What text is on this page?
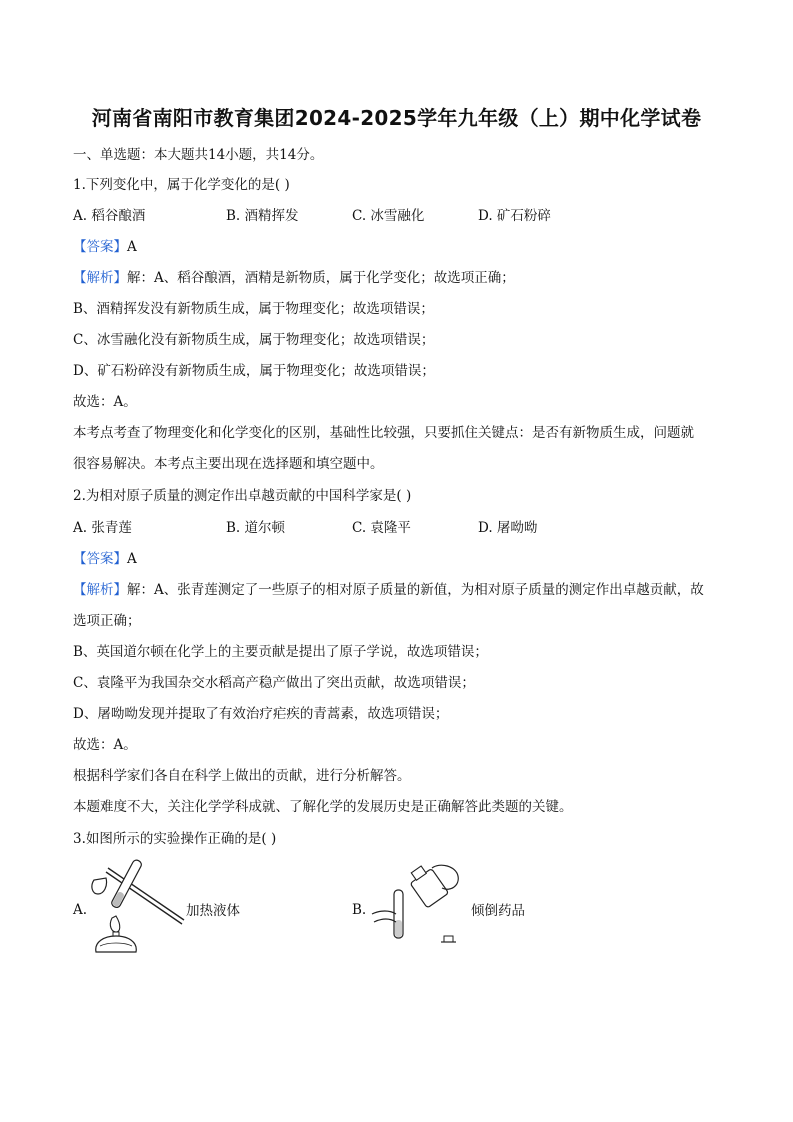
河南省南阳市教育集团2024-2025学年九年级（上）期中化学试卷
一、单选题：本大题共14小题，共14分。
1.下列变化中，属于化学变化的是( )
A. 稻谷酿酒	B. 酒精挥发	C. 冰雪融化	D. 矿石粉碎
【答案】A
【解析】解：A、稻谷酿酒，酒精是新物质，属于化学变化；故选项正确；
B、酒精挥发没有新物质生成，属于物理变化；故选项错误；
C、冰雪融化没有新物质生成，属于物理变化；故选项错误；
D、矿石粉碎没有新物质生成，属于物理变化；故选项错误；
故选：A。
本考点考查了物理变化和化学变化的区别，基础性比较强，只要抓住关键点：是否有新物质生成，问题就
很容易解决。本考点主要出现在选择题和填空题中。
2.为相对原子质量的测定作出卓越贡献的中国科学家是( )
A. 张青莲	B. 道尔顿	C. 袁隆平	D. 屠呦呦
【答案】A
【解析】解：A、张青莲测定了一些原子的相对原子质量的新值，为相对原子质量的测定作出卓越贡献，故
选项正确；
B、英国道尔顿在化学上的主要贡献是提出了原子学说，故选项错误；
C、袁隆平为我国杂交水稻高产稳产做出了突出贡献，故选项错误；
D、屠呦呦发现并提取了有效治疗疟疾的青蒿素，故选项错误；
故选：A。
根据科学家们各自在科学上做出的贡献，进行分析解答。
本题难度不大，关注化学学科成就、了解化学的发展历史是正确解答此类题的关键。
3.如图所示的实验操作正确的是( )
A.	加热液体	B.	倾倒药品
